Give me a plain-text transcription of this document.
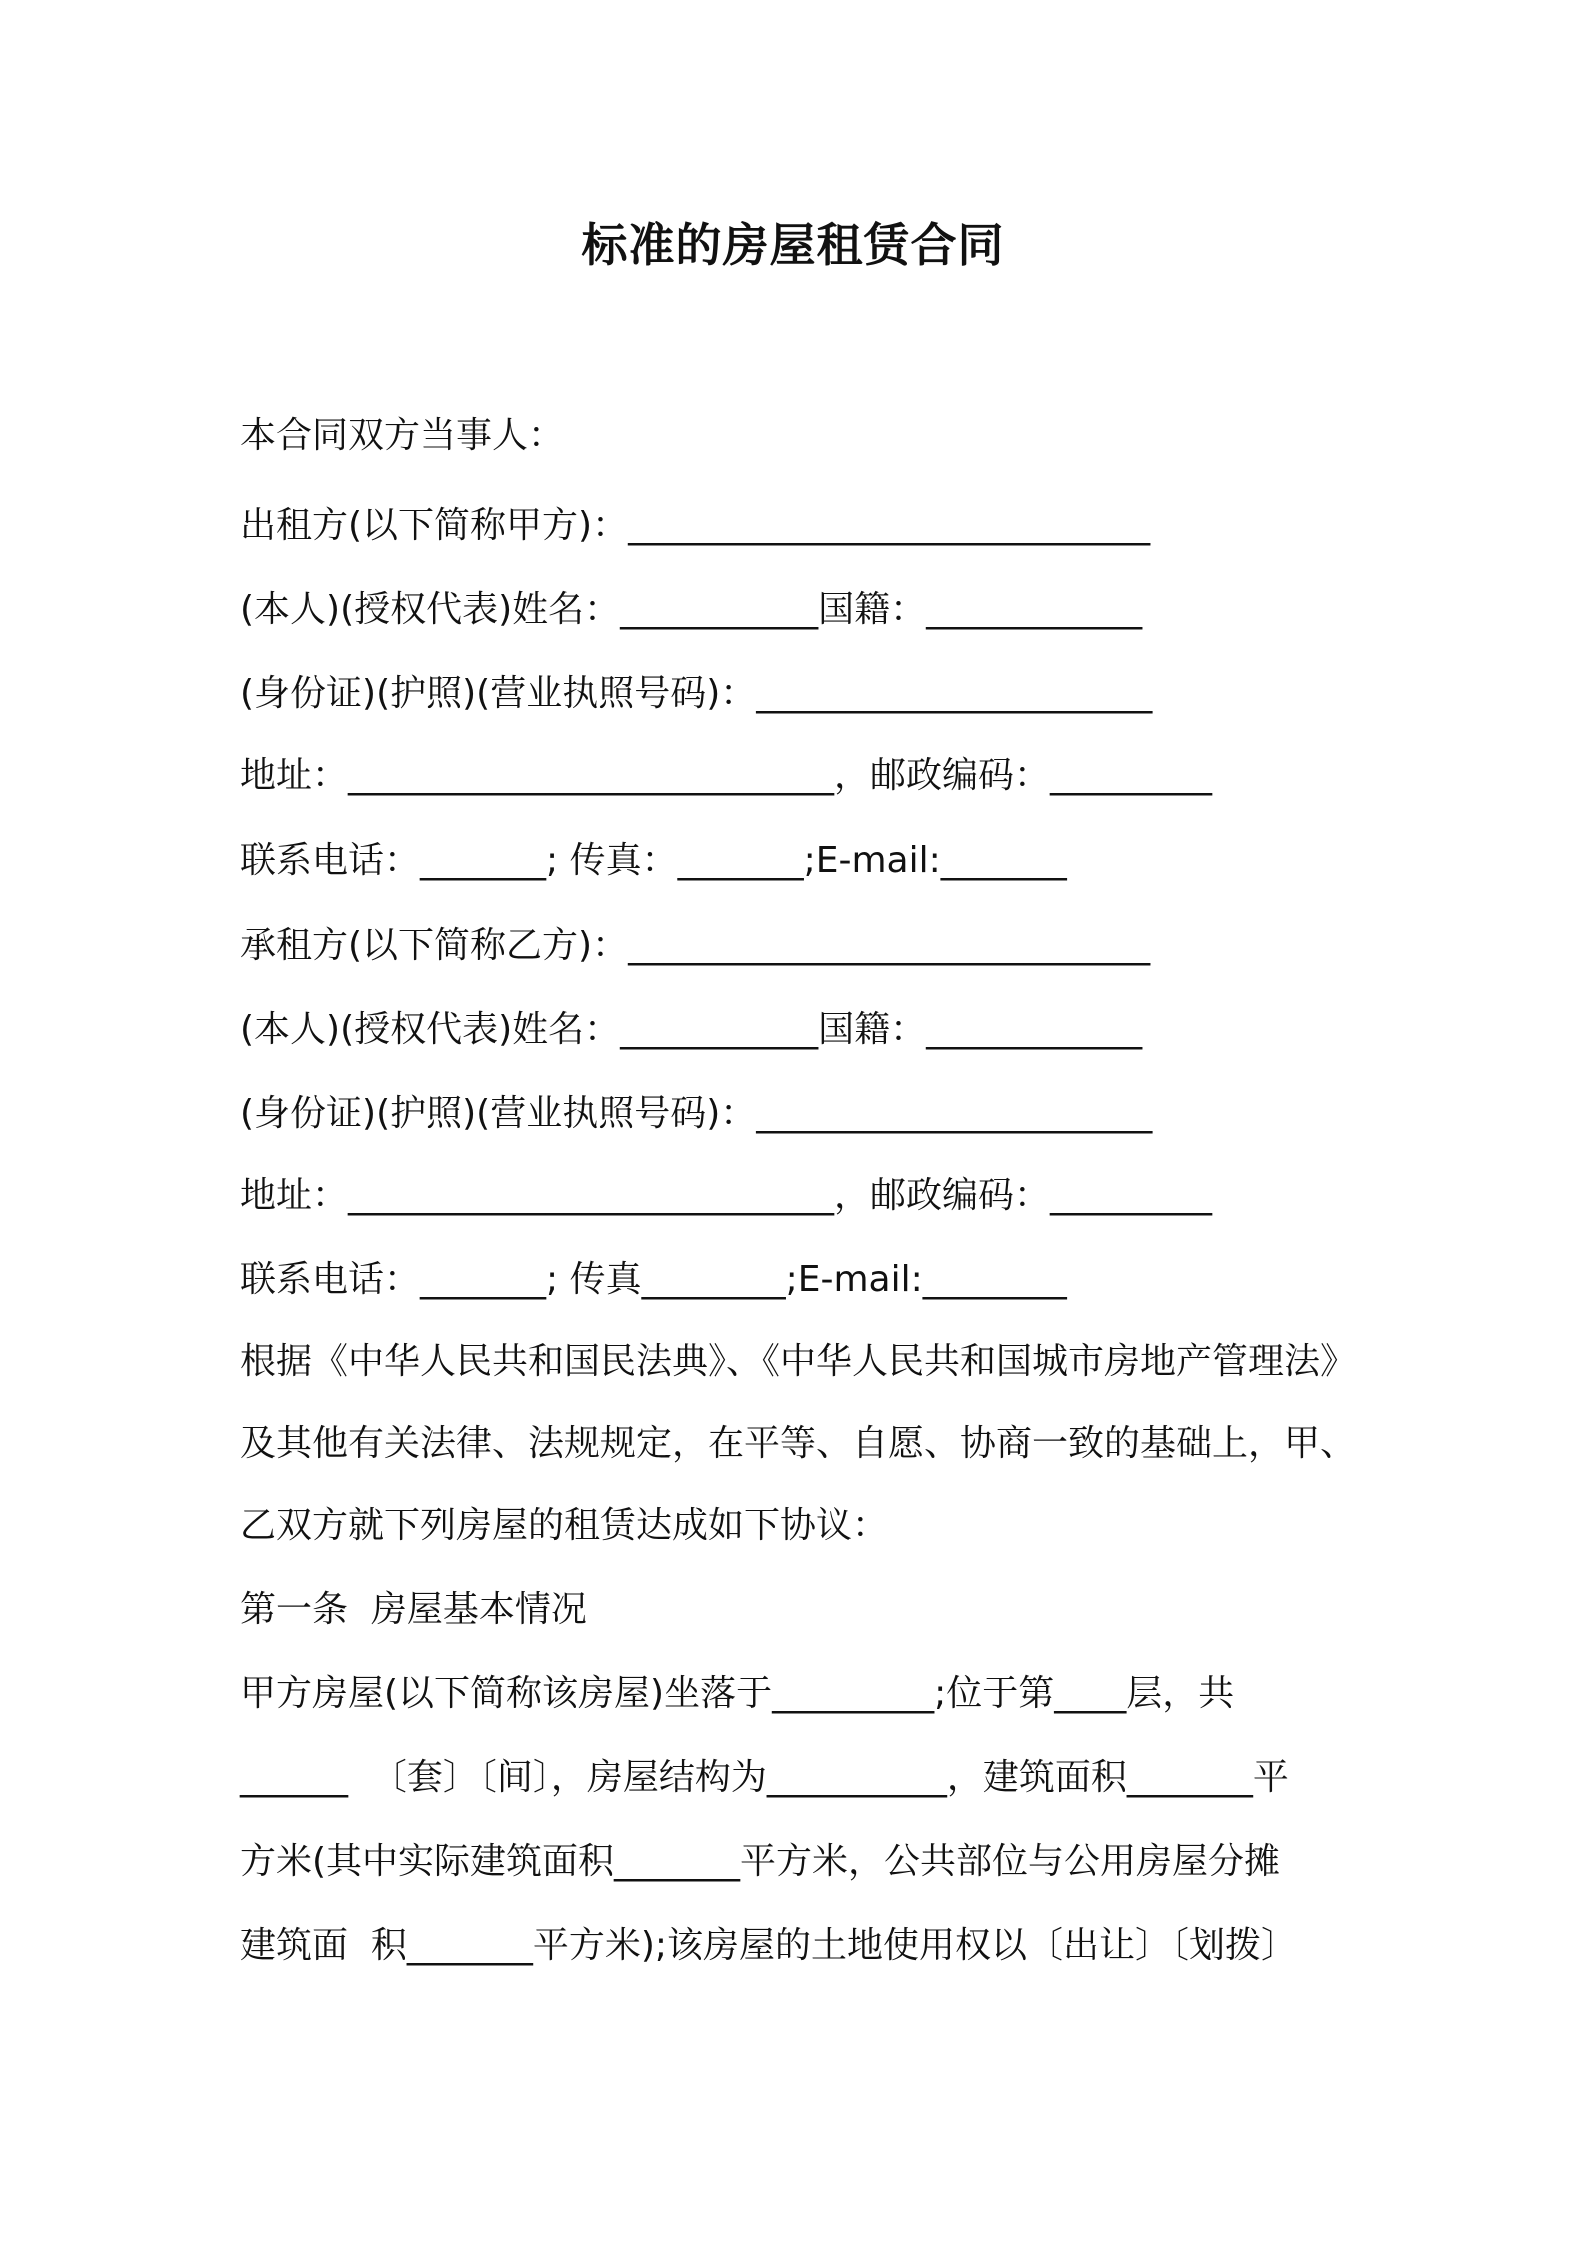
标准的房屋租赁合同
本合同双方当事人：
出租方(以下简称甲方)：_____________________________
(本人)(授权代表)姓名：___________国籍：____________
(身份证)(护照)(营业执照号码)：______________________
地址：___________________________，邮政编码：_________
联系电话：_______; 传真：_______;E-mail:_______
承租方(以下简称乙方)：_____________________________
(本人)(授权代表)姓名：___________国籍：____________
(身份证)(护照)(营业执照号码)：______________________
地址：___________________________，邮政编码：_________
联系电话：_______; 传真________;E-mail:________
根据《中华人民共和国民法典》、《中华人民共和国城市房地产管理法》
及其他有关法律、法规规定，在平等、自愿、协商一致的基础上，甲、
乙双方就下列房屋的租赁达成如下协议：
第一条  房屋基本情况
甲方房屋(以下简称该房屋)坐落于_________;位于第____层，共
______  〔套〕〔间〕，房屋结构为__________，建筑面积_______平
方米(其中实际建筑面积_______平方米，公共部位与公用房屋分摊
建筑面  积_______平方米);该房屋的土地使用权以〔出让〕〔划拨〕
